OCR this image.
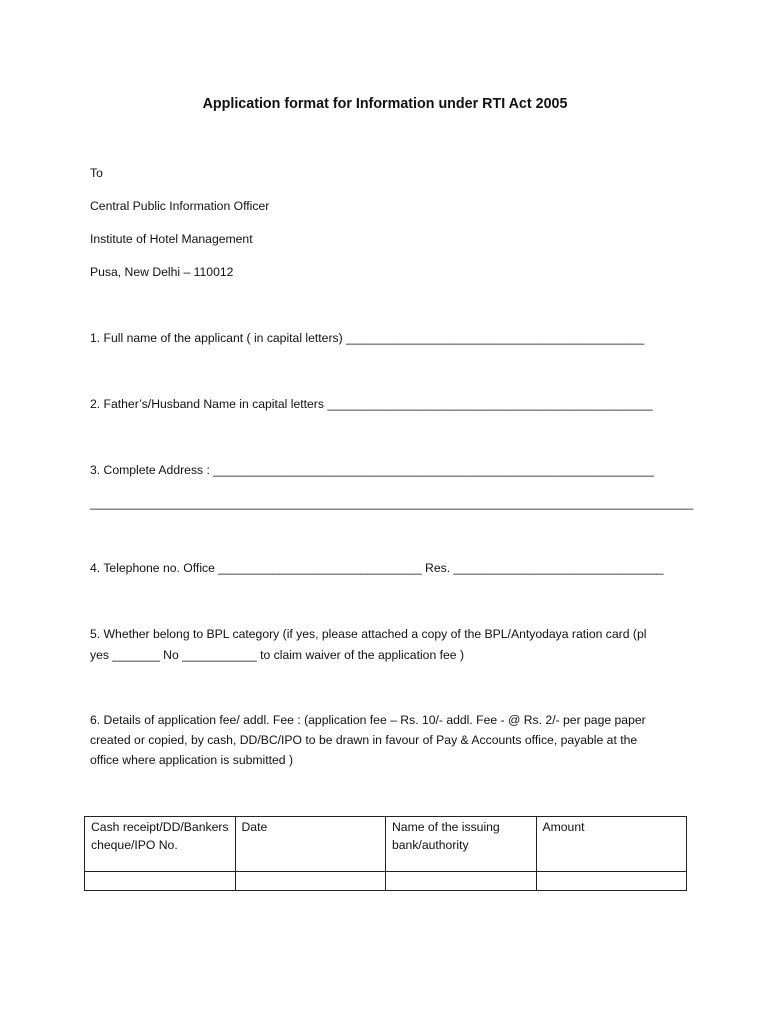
Application format for Information under RTI Act 2005
To
Central Public Information Officer
Institute of Hotel Management
Pusa, New Delhi – 110012
1. Full name of the applicant ( in capital letters) ____________________________________________
2. Father’s/Husband Name in capital letters ________________________________________________
3. Complete Address : _________________________________________________________________
_________________________________________________________________________________________
4. Telephone no. Office ______________________________ Res. _______________________________
5. Whether belong to BPL category (if yes, please attached a copy of the BPL/Antyodaya ration card (pl
yes _______ No ___________ to claim waiver of the application fee )
6. Details of application fee/ addl. Fee : (application fee – Rs. 10/- addl. Fee - @ Rs. 2/- per page paper
created or copied, by cash, DD/BC/IPO to be drawn in favour of Pay & Accounts office, payable at the
office where application is submitted )
Cash receipt/DD/Bankers cheque/IPO No.	Date	Name of the issuing bank/authority	Amount
